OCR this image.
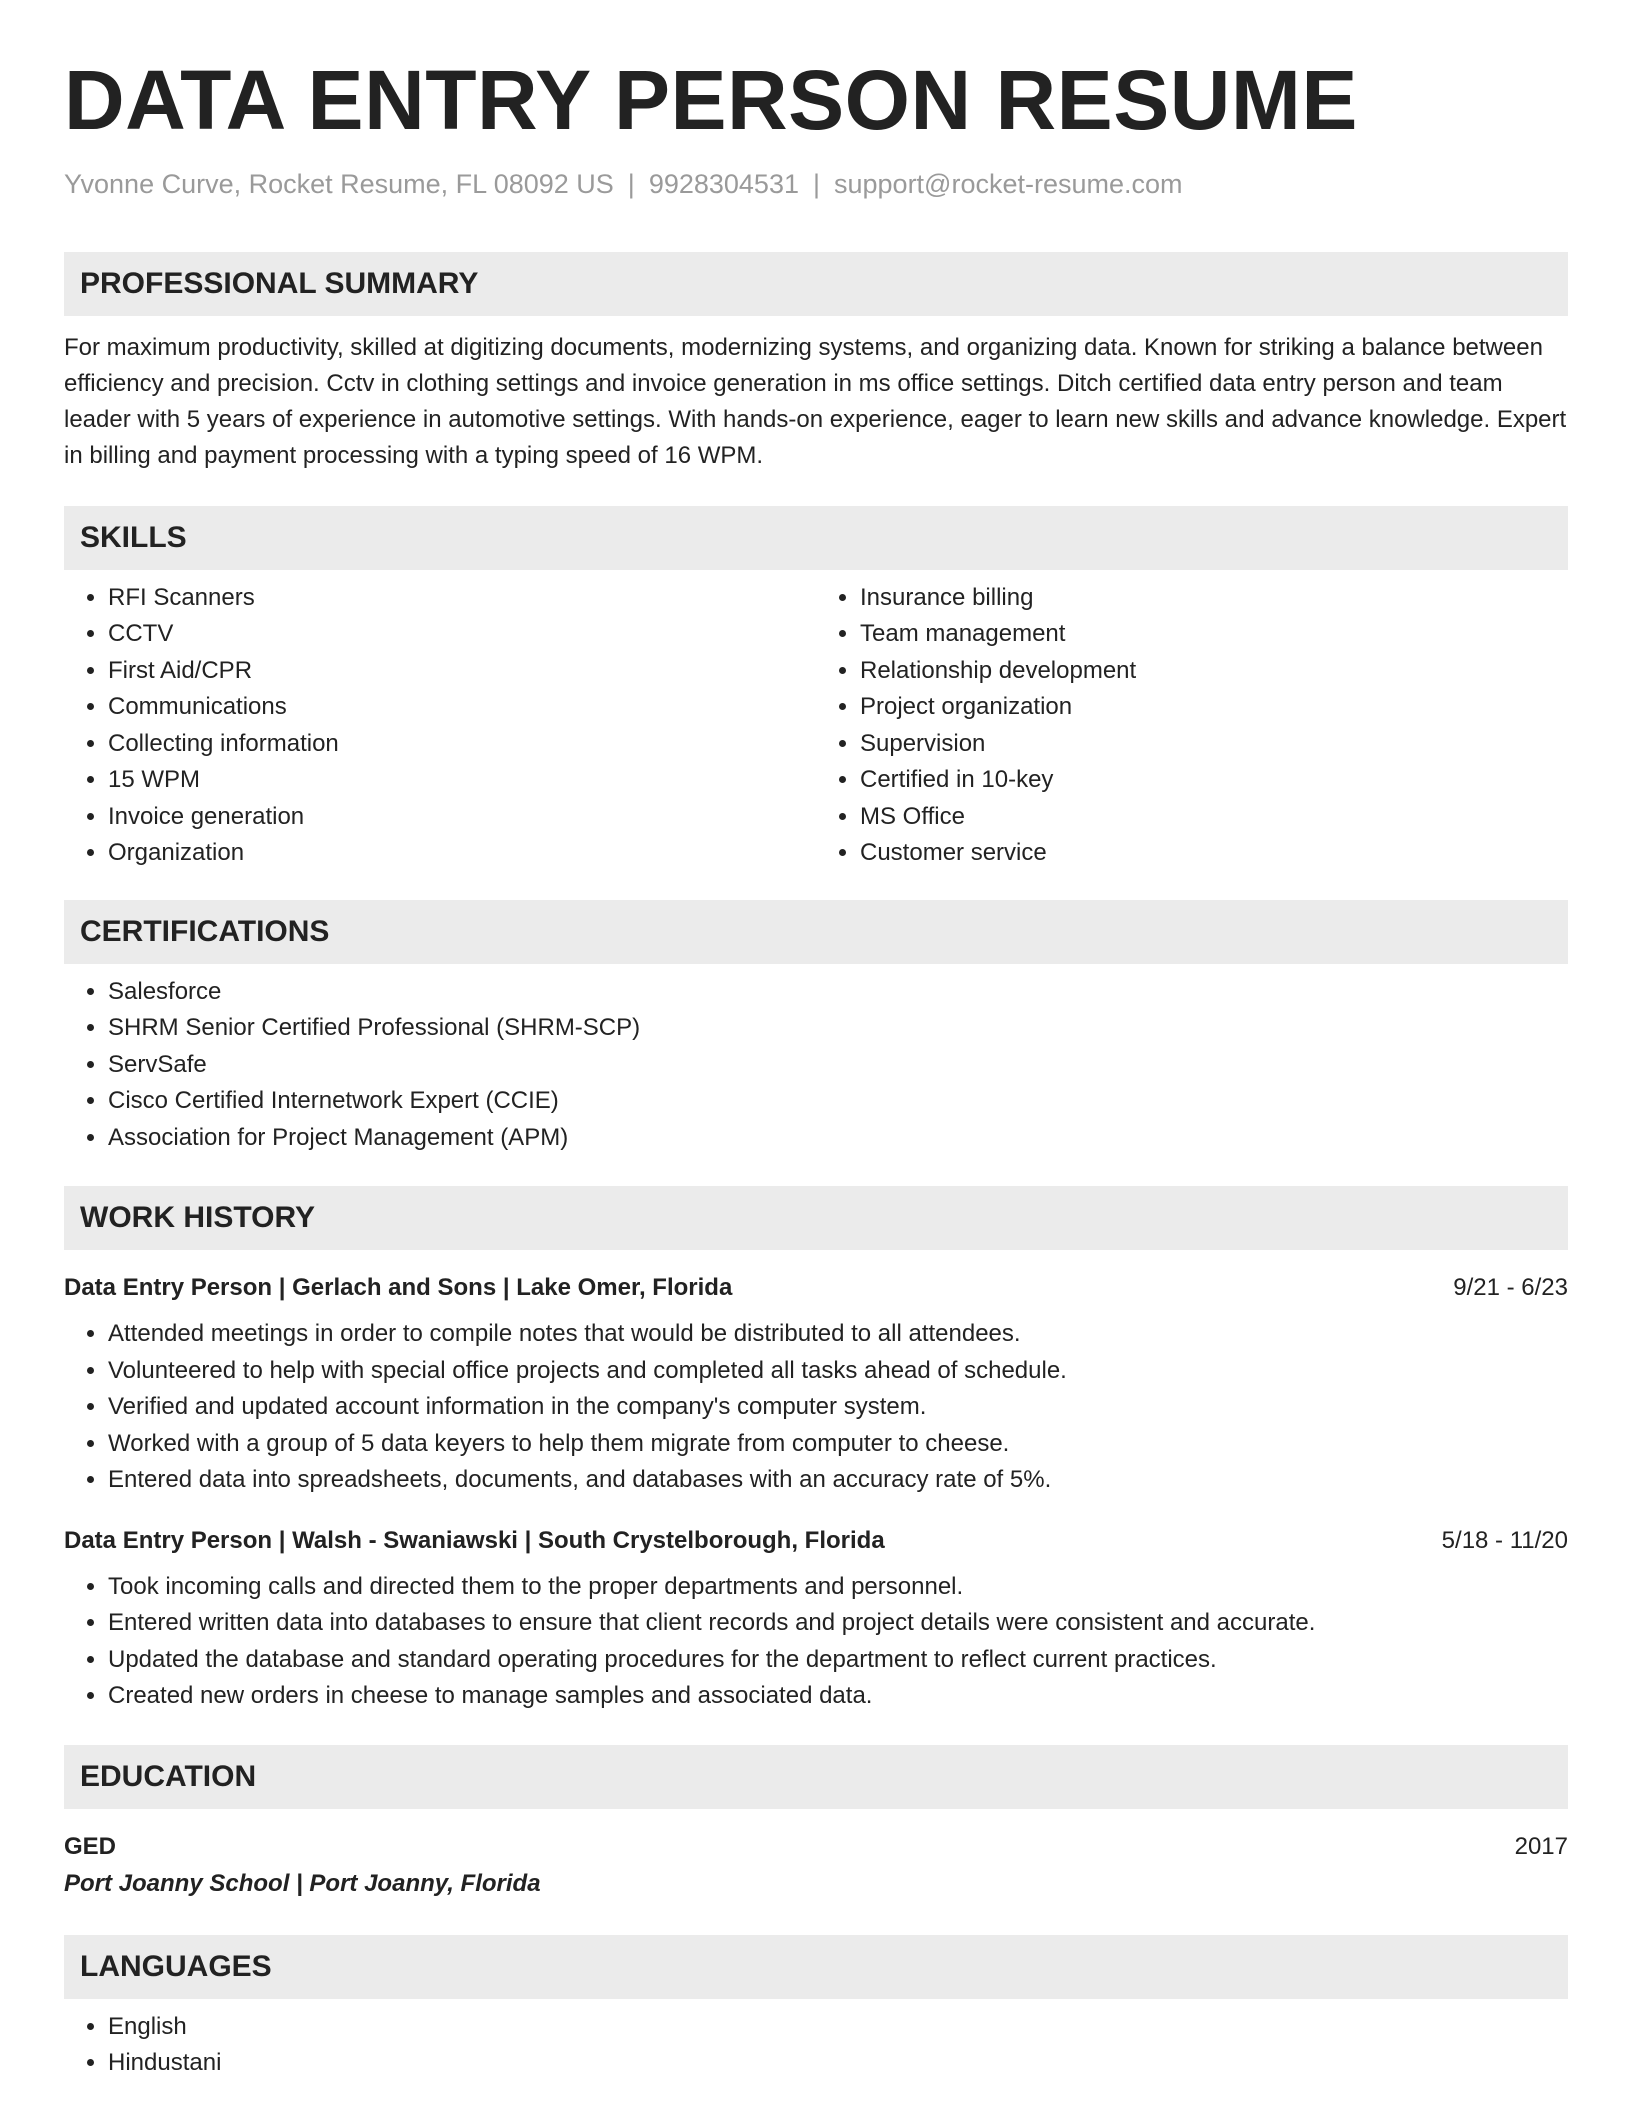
DATA ENTRY PERSON RESUME
Yvonne Curve, Rocket Resume, FL 08092 US | 9928304531 | support@rocket-resume.com
PROFESSIONAL SUMMARY
For maximum productivity, skilled at digitizing documents, modernizing systems, and organizing data. Known for striking a balance between efficiency and precision. Cctv in clothing settings and invoice generation in ms office settings. Ditch certified data entry person and team leader with 5 years of experience in automotive settings. With hands-on experience, eager to learn new skills and advance knowledge. Expert in billing and payment processing with a typing speed of 16 WPM.
SKILLS
• RFI Scanners
• CCTV
• First Aid/CPR
• Communications
• Collecting information
• 15 WPM
• Invoice generation
• Organization
• Insurance billing
• Team management
• Relationship development
• Project organization
• Supervision
• Certified in 10-key
• MS Office
• Customer service
CERTIFICATIONS
• Salesforce
• SHRM Senior Certified Professional (SHRM-SCP)
• ServSafe
• Cisco Certified Internetwork Expert (CCIE)
• Association for Project Management (APM)
WORK HISTORY
Data Entry Person | Gerlach and Sons | Lake Omer, Florida	9/21 - 6/23
• Attended meetings in order to compile notes that would be distributed to all attendees.
• Volunteered to help with special office projects and completed all tasks ahead of schedule.
• Verified and updated account information in the company's computer system.
• Worked with a group of 5 data keyers to help them migrate from computer to cheese.
• Entered data into spreadsheets, documents, and databases with an accuracy rate of 5%.
Data Entry Person | Walsh - Swaniawski | South Crystelborough, Florida	5/18 - 11/20
• Took incoming calls and directed them to the proper departments and personnel.
• Entered written data into databases to ensure that client records and project details were consistent and accurate.
• Updated the database and standard operating procedures for the department to reflect current practices.
• Created new orders in cheese to manage samples and associated data.
EDUCATION
GED	2017
Port Joanny School | Port Joanny, Florida
LANGUAGES
• English
• Hindustani
